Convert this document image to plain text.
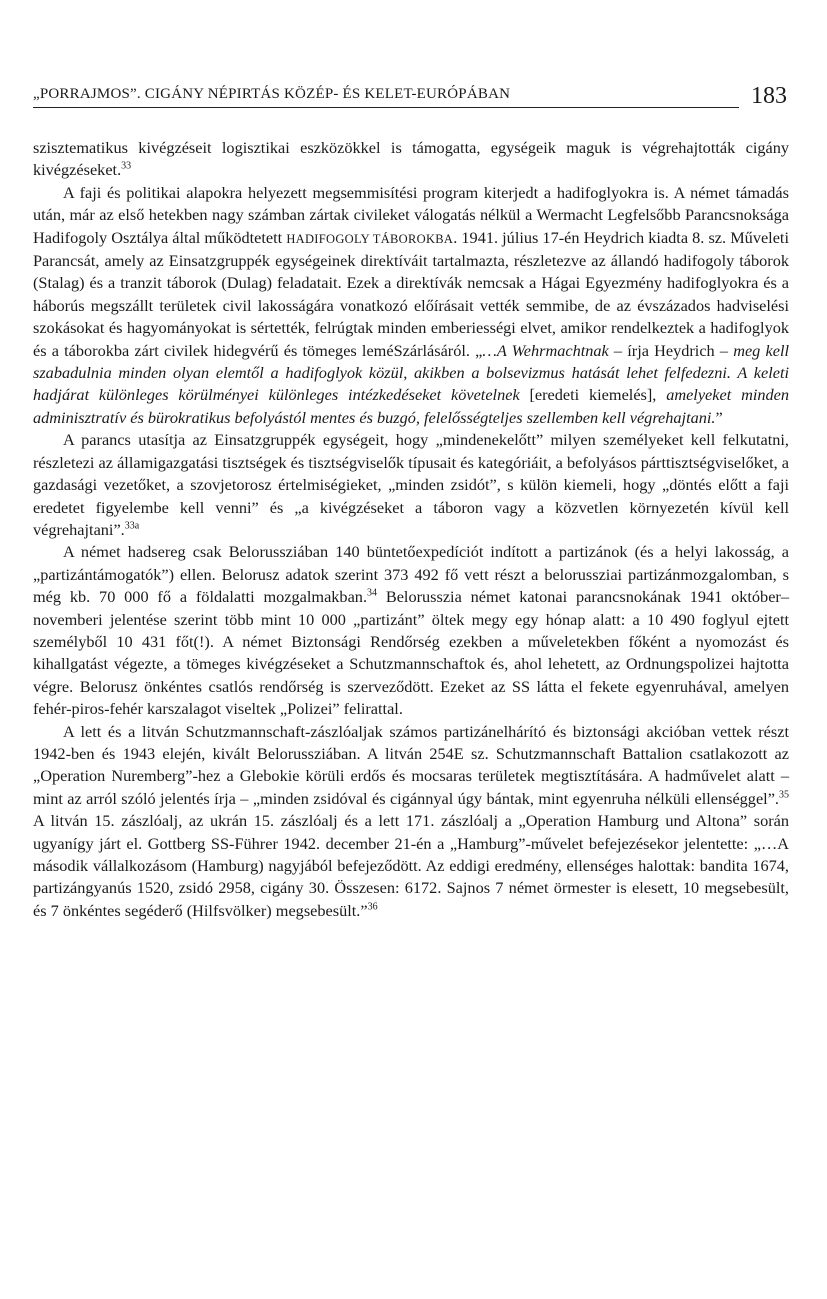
„PORRAJMOS”. CIGÁNY NÉPIRTÁS KÖZÉP- ÉS KELET-EURÓPÁBAN	183

szisztematikus kivégzéseit logisztikai eszközökkel is támogatta, egységeik maguk is végrehajtották cigány kivégzéseket.$^{33}$

A faji és politikai alapokra helyezett megsemmisítési program kiterjedt a hadifoglyokra is. A német támadás után, már az első hetekben nagy számban zártak civileket válogatás nélkül a Wermacht Legfelsőbb Parancsnoksága Hadifogoly Osztálya által működtetett HADIFOGOLY TÁBOROKBA. 1941. július 17-én Heydrich kiadta 8. sz. Műveleti Parancsát, amely az Einsatzgruppék egységeinek direktíváit tartalmazta, részletezve az állandó hadifogoly táborok (Stalag) és a tranzit táborok (Dulag) feladatait. Ezek a direktívák nemcsak a Hágai Egyezmény hadifoglyokra és a háborús megszállt területek civil lakosságára vonatkozó előírásait vették semmibe, de az évszázados hadviselési szokásokat és hagyományokat is sértették, felrúgtak minden emberiességi elvet, amikor rendelkeztek a hadifoglyok és a táborokba zárt civilek hidegvérű és tömeges leméSzárlásáról. „…A Wehrmachtnak – írja Heydrich – meg kell szabadulnia minden olyan elemtől a hadifoglyok közül, akikben a bolsevizmus hatását lehet felfedezni. A keleti hadjárat különleges körülményei különleges intézkedéseket követelnek [eredeti kiemelés], amelyeket minden adminisztratív és bürokratikus befolyástól mentes és buzgó, felelősségteljes szellemben kell végrehajtani.”

A parancs utasítja az Einsatzgruppék egységeit, hogy „mindenekelőtt” milyen személyeket kell felkutatni, részletezi az államigazgatási tisztségek és tisztségviselők típusait és kategóriáit, a befolyásos párttisztségviselőket, a gazdasági vezetőket, a szovjetorosz értelmiségieket, „minden zsidót”, s külön kiemeli, hogy „döntés előtt a faji eredetet figyelembe kell venni” és „a kivégzéseket a táboron vagy a közvetlen környezetén kívül kell végrehajtani”.$^{33a}$

A német hadsereg csak Belorussziában 140 büntetőexpedíciót indított a partizánok (és a helyi lakosság, a „partizántámogatók”) ellen. Belorusz adatok szerint 373 492 fő vett részt a belorussziai partizánmozgalomban, s még kb. 70 000 fő a földalatti mozgalmakban.$^{34}$ Belorusszia német katonai parancsnokának 1941 október–novemberi jelentése szerint több mint 10 000 „partizánt” öltek megy egy hónap alatt: a 10 490 foglyul ejtett személyből 10 431 főt(!). A német Biztonsági Rendőrség ezekben a műveletekben főként a nyomozást és kihallgatást végezte, a tömeges kivégzéseket a Schutzmannschaftok és, ahol lehetett, az Ordnungspolizei hajtotta végre. Belorusz önkéntes csatlós rendőrség is szerveződött. Ezeket az SS látta el fekete egyenruhával, amelyen fehér-piros-fehér karszalagot viseltek „Polizei” felirattal.

A lett és a litván Schutzmannschaft-zászlóaljak számos partizánelhárító és biztonsági akcióban vettek részt 1942-ben és 1943 elején, kivált Belorussziában. A litván 254E sz. Schutzmannschaft Battalion csatlakozott az „Operation Nuremberg”-hez a Glebokie körüli erdős és mocsaras területek megtisztítására. A hadművelet alatt – mint az arról szóló jelentés írja – „minden zsidóval és cigánnyal úgy bántak, mint egyenruha nélküli ellenséggel”.$^{35}$ A litván 15. zászlóalj, az ukrán 15. zászlóalj és a lett 171. zászlóalj a „Operation Hamburg und Altona” során ugyanígy járt el. Gottberg SS-Führer 1942. december 21-én a „Hamburg”-művelet befejezésekor jelentette: „…A második vállalkozásom (Hamburg) nagyjából befejeződött. Az eddigi eredmény, ellenséges halottak: bandita 1674, partizángyanús 1520, zsidó 2958, cigány 30. Összesen: 6172. Sajnos 7 német örmester is elesett, 10 megsebesült, és 7 önkéntes segéderő (Hilfsvölker) megsebesült.”$^{36}$
